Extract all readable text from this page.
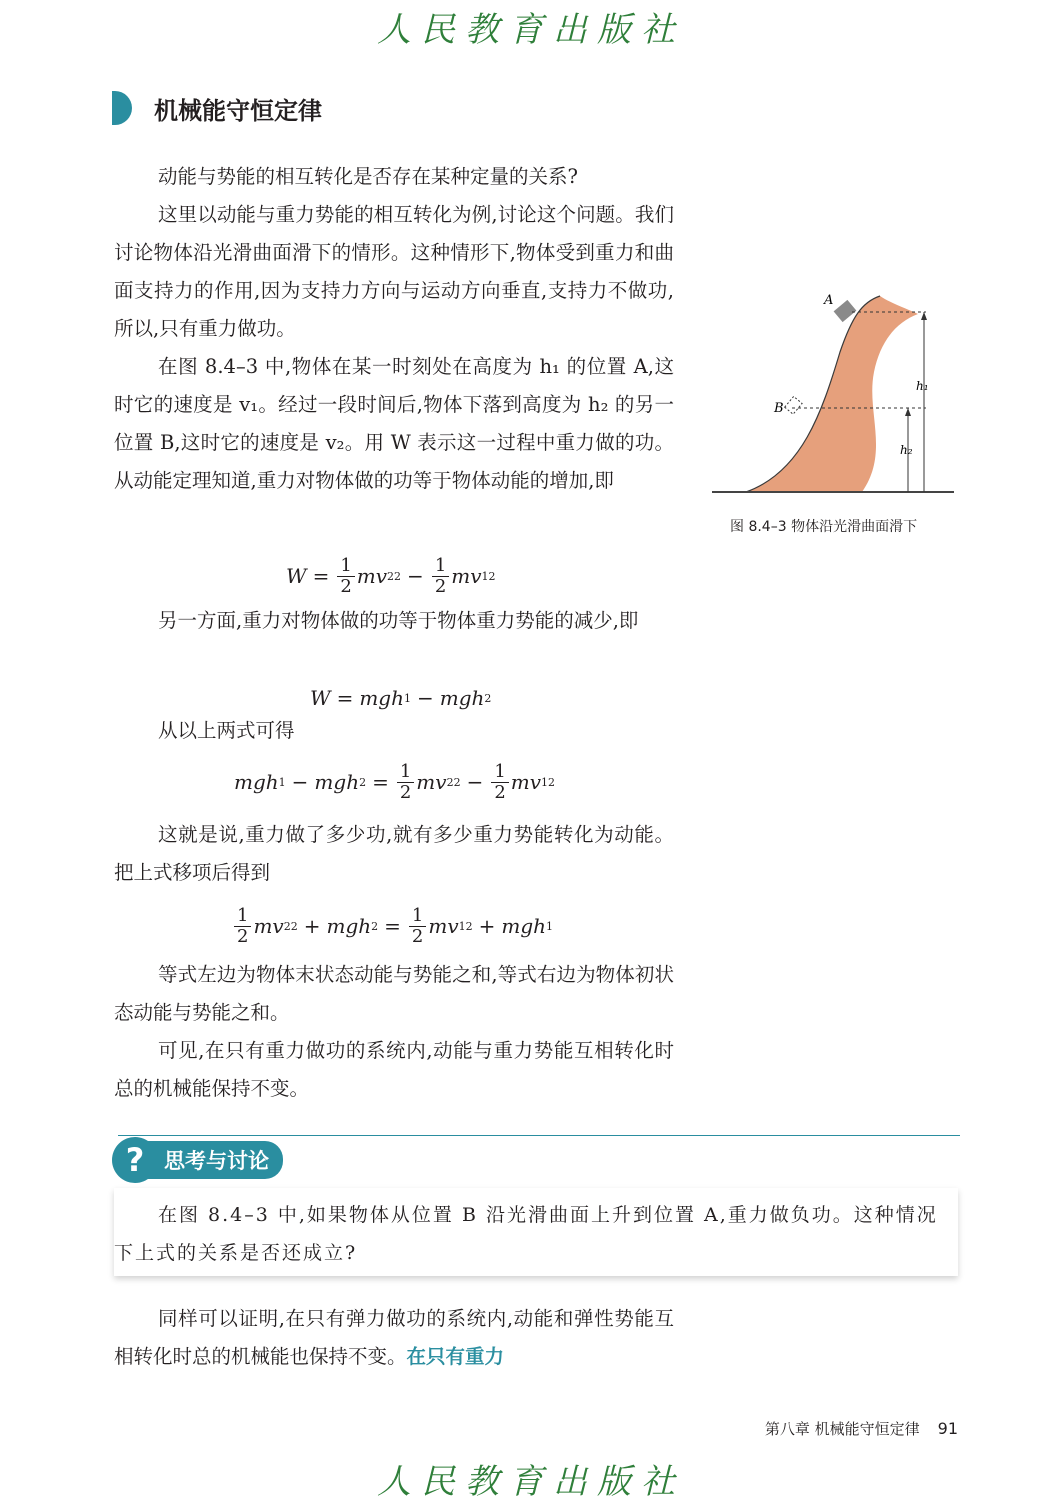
人民教育出版社
机械能守恒定律

动能与势能的相互转化是否存在某种定量的关系?

这里以动能与重力势能的相互转化为例,讨论这个问题。我们讨论物体沿光滑曲面滑下的情形。这种情形下,物体受到重力和曲面支持力的作用,因为支持力方向与运动方向垂直,支持力不做功,所以,只有重力做功。

在图 8.4–3 中,物体在某一时刻处在高度为 h₁ 的位置 A,这时它的速度是 v₁。经过一段时间后,物体下落到高度为 h₂ 的另一位置 B,这时它的速度是 v₂。用 W 表示这一过程中重力做的功。从动能定理知道,重力对物体做的功等于物体动能的增加,即

$W = \frac{1}{2}$ mv 2 $2 - \frac{1}{2}$ mv 1 2

另一方面,重力对物体做的功等于物体重力势能的减少,即

W = mgh 1 − mgh 2

从以上两式可得

mgh 1 − mgh $2 = \frac{1}{2}$ mv 2 $2 - \frac{1}{2}$ mv 1 2

这就是说,重力做了多少功,就有多少重力势能转化为动能。把上式移项后得到

$\frac{1}{2}$ mv 2 2 + mgh $2 = \frac{1}{2}$ mv 1 2 + mgh 1

等式左边为物体末状态动能与势能之和,等式右边为物体初状态动能与势能之和。

可见,在只有重力做功的系统内,动能与重力势能互相转化时总的机械能保持不变。

A
B
h₁
h₂
图 8.4–3 物体沿光滑曲面滑下
? 思考与讨论

在图 8.4–3 中,如果物体从位置 B 沿光滑曲面上升到位置 A,重力做负功。这种情况下上式的关系是否还成立?

同样可以证明,在只有弹力做功的系统内,动能和弹性势能互相转化时总的机械能也保持不变。在只有重力

第八章 机械能守恒定律 91
人民教育出版社
